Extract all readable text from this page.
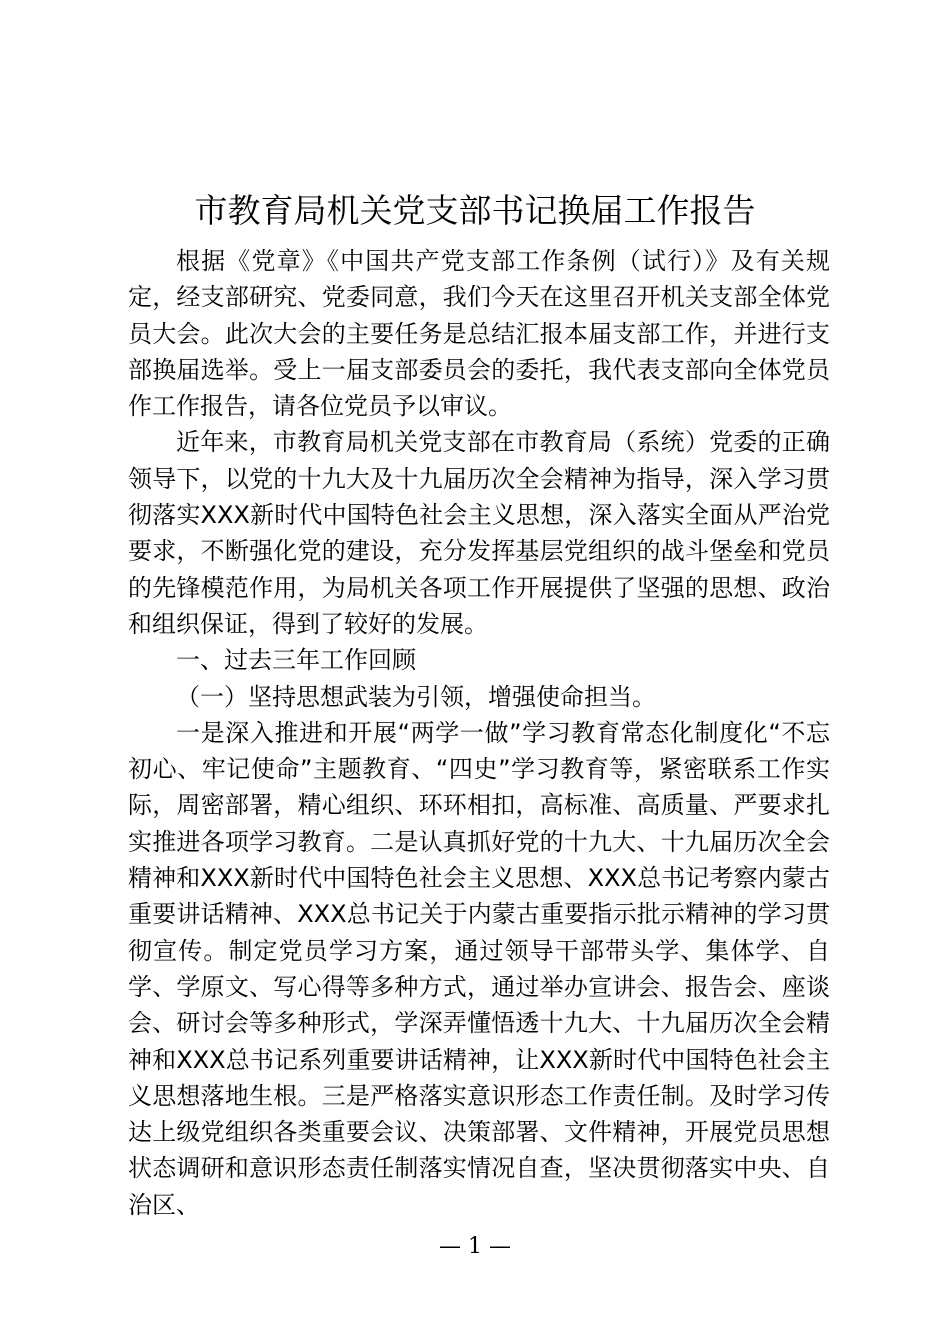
市教育局机关党支部书记换届工作报告

根据《党章》《中国共产党支部工作条例（试行）》及有关规定，经支部研究、党委同意，我们今天在这里召开机关支部全体党员大会。此次大会的主要任务是总结汇报本届支部工作，并进行支部换届选举。受上一届支部委员会的委托，我代表支部向全体党员作工作报告，请各位党员予以审议。

近年来，市教育局机关党支部在市教育局（系统）党委的正确领导下，以党的十九大及十九届历次全会精神为指导，深入学习贯彻落实XXX新时代中国特色社会主义思想，深入落实全面从严治党要求，不断强化党的建设，充分发挥基层党组织的战斗堡垒和党员的先锋模范作用，为局机关各项工作开展提供了坚强的思想、政治和组织保证，得到了较好的发展。

一、过去三年工作回顾

（一）坚持思想武装为引领，增强使命担当。

一是深入推进和开展“两学一做”学习教育常态化制度化“不忘初心、牢记使命”主题教育、“四史”学习教育等，紧密联系工作实际，周密部署，精心组织、环环相扣，高标准、高质量、严要求扎实推进各项学习教育。二是认真抓好党的十九大、十九届历次全会精神和XXX新时代中国特色社会主义思想、XXX总书记考察内蒙古重要讲话精神、XXX总书记关于内蒙古重要指示批示精神的学习贯彻宣传。制定党员学习方案，通过领导干部带头学、集体学、自学、学原文、写心得等多种方式，通过举办宣讲会、报告会、座谈会、研讨会等多种形式，学深弄懂悟透十九大、十九届历次全会精神和XXX总书记系列重要讲话精神，让XXX新时代中国特色社会主义思想落地生根。三是严格落实意识形态工作责任制。及时学习传达上级党组织各类重要会议、决策部署、文件精神，开展党员思想状态调研和意识形态责任制落实情况自查，坚决贯彻落实中央、自治区、

— 1 —
